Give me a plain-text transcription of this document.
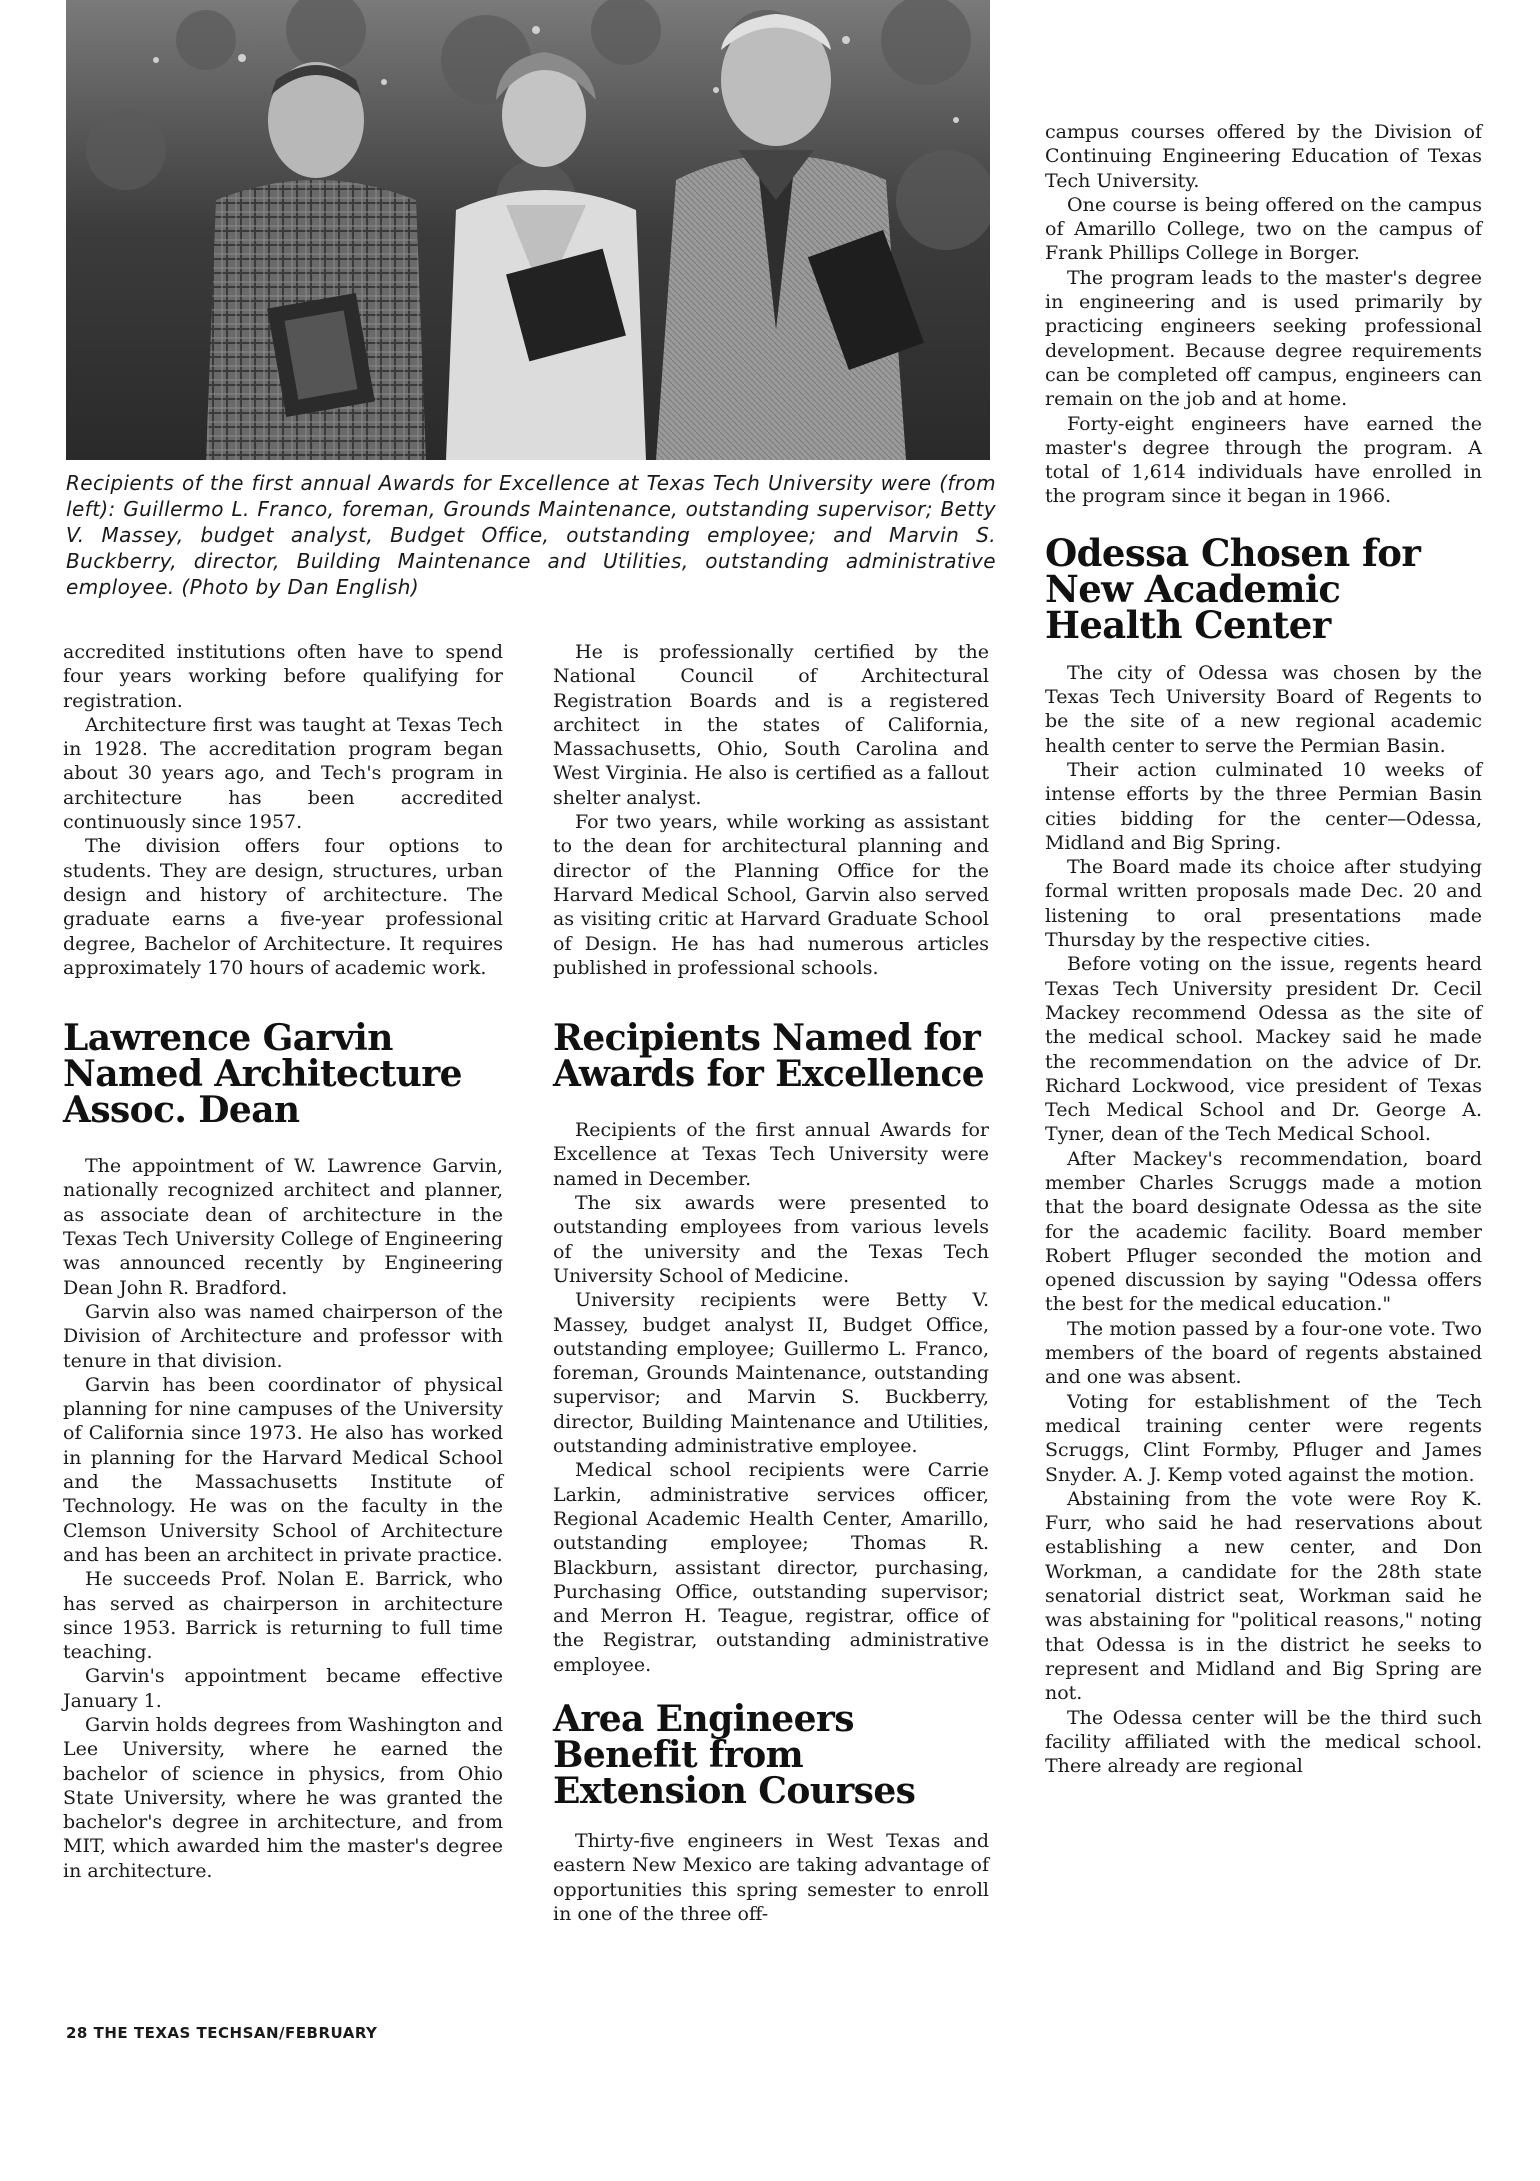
Recipients of the first annual Awards for Excellence at Texas Tech University were (from left): Guillermo L. Franco, foreman, Grounds Maintenance, outstanding supervisor; Betty V. Massey, budget analyst, Budget Office, outstanding employee; and Marvin S. Buckberry, director, Building Maintenance and Utilities, outstanding administrative employee. (Photo by Dan English)

accredited institutions often have to spend four years working before qualifying for registration.

Architecture first was taught at Texas Tech in 1928. The accreditation program began about 30 years ago, and Tech's program in architecture has been accredited continuously since 1957.

The division offers four options to students. They are design, structures, urban design and history of architecture. The graduate earns a five-year professional degree, Bachelor of Architecture. It requires approximately 170 hours of academic work.

Lawrence Garvin Named Architecture Assoc. Dean

The appointment of W. Lawrence Garvin, nationally recognized architect and planner, as associate dean of architecture in the Texas Tech University College of Engineering was announced recently by Engineering Dean John R. Bradford.

Garvin also was named chairperson of the Division of Architecture and professor with tenure in that division.

Garvin has been coordinator of physical planning for nine campuses of the University of California since 1973. He also has worked in planning for the Harvard Medical School and the Massachusetts Institute of Technology. He was on the faculty in the Clemson University School of Architecture and has been an architect in private practice.

He succeeds Prof. Nolan E. Barrick, who has served as chairperson in architecture since 1953. Barrick is returning to full time teaching.

Garvin's appointment became effective January 1.

Garvin holds degrees from Washington and Lee University, where he earned the bachelor of science in physics, from Ohio State University, where he was granted the bachelor's degree in architecture, and from MIT, which awarded him the master's degree in architecture.

He is professionally certified by the National Council of Architectural Registration Boards and is a registered architect in the states of California, Massachusetts, Ohio, South Carolina and West Virginia. He also is certified as a fallout shelter analyst.

For two years, while working as assistant to the dean for architectural planning and director of the Planning Office for the Harvard Medical School, Garvin also served as visiting critic at Harvard Graduate School of Design. He has had numerous articles published in professional schools.

Recipients Named for Awards for Excellence

Recipients of the first annual Awards for Excellence at Texas Tech University were named in December.

The six awards were presented to outstanding employees from various levels of the university and the Texas Tech University School of Medicine.

University recipients were Betty V. Massey, budget analyst II, Budget Office, outstanding employee; Guillermo L. Franco, foreman, Grounds Maintenance, outstanding supervisor; and Marvin S. Buckberry, director, Building Maintenance and Utilities, outstanding administrative employee.

Medical school recipients were Carrie Larkin, administrative services officer, Regional Academic Health Center, Amarillo, outstanding employee; Thomas R. Blackburn, assistant director, purchasing, Purchasing Office, outstanding supervisor; and Merron H. Teague, registrar, office of the Registrar, outstanding administrative employee.

Area Engineers Benefit from Extension Courses

Thirty-five engineers in West Texas and eastern New Mexico are taking advantage of opportunities this spring semester to enroll in one of the three off-

campus courses offered by the Division of Continuing Engineering Education of Texas Tech University.

One course is being offered on the campus of Amarillo College, two on the campus of Frank Phillips College in Borger.

The program leads to the master's degree in engineering and is used primarily by practicing engineers seeking professional development. Because degree requirements can be completed off campus, engineers can remain on the job and at home.

Forty-eight engineers have earned the master's degree through the program. A total of 1,614 individuals have enrolled in the program since it began in 1966.

Odessa Chosen for New Academic Health Center

The city of Odessa was chosen by the Texas Tech University Board of Regents to be the site of a new regional academic health center to serve the Permian Basin.

Their action culminated 10 weeks of intense efforts by the three Permian Basin cities bidding for the center—Odessa, Midland and Big Spring.

The Board made its choice after studying formal written proposals made Dec. 20 and listening to oral presentations made Thursday by the respective cities.

Before voting on the issue, regents heard Texas Tech University president Dr. Cecil Mackey recommend Odessa as the site of the medical school. Mackey said he made the recommendation on the advice of Dr. Richard Lockwood, vice president of Texas Tech Medical School and Dr. George A. Tyner, dean of the Tech Medical School.

After Mackey's recommendation, board member Charles Scruggs made a motion that the board designate Odessa as the site for the academic facility. Board member Robert Pfluger seconded the motion and opened discussion by saying "Odessa offers the best for the medical education."

The motion passed by a four-one vote. Two members of the board of regents abstained and one was absent.

Voting for establishment of the Tech medical training center were regents Scruggs, Clint Formby, Pfluger and James Snyder. A. J. Kemp voted against the motion.

Abstaining from the vote were Roy K. Furr, who said he had reservations about establishing a new center, and Don Workman, a candidate for the 28th state senatorial district seat, Workman said he was abstaining for "political reasons," noting that Odessa is in the district he seeks to represent and Midland and Big Spring are not.

The Odessa center will be the third such facility affiliated with the medical school. There already are regional

28 THE TEXAS TECHSAN/FEBRUARY
